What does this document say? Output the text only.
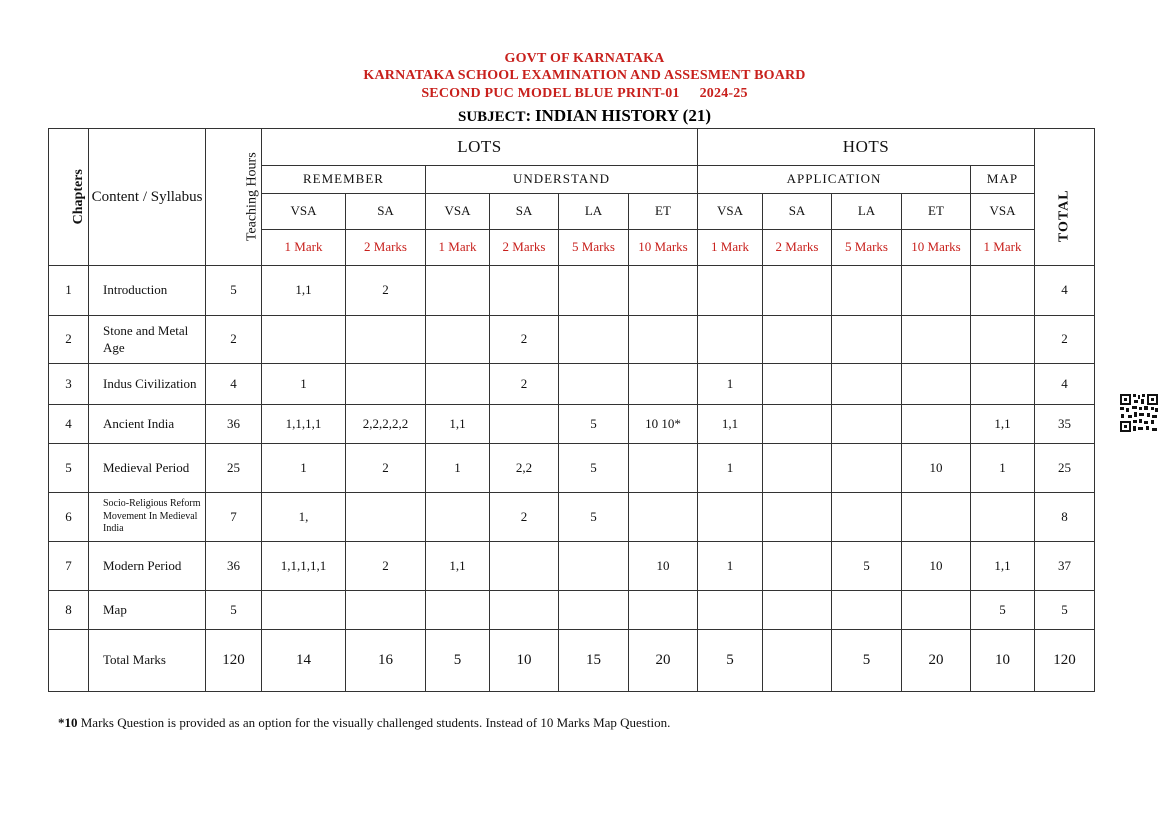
GOVT OF KARNATAKA
KARNATAKA SCHOOL EXAMINATION AND ASSESMENT BOARD
SECOND PUC MODEL BLUE PRINT-01 2024-25
SUBJECT: INDIAN HISTORY (21)
Chapters	Content / Syllabus	Teaching Hours	LOTS						HOTS					
			REMEMBER		UNDERSTAND				APPLICATION				MAP	TOTAL
			VSA	SA	VSA	SA	LA	ET	VSA	SA	LA	ET	VSA	
			1 Mark	2 Marks	1 Mark	2 Marks	5 Marks	10 Marks	1 Mark	2 Marks	5 Marks	10 Marks	1 Mark	
1	Introduction	5	1,1	2										4
2	Stone and Metal Age	2				2								2
3	Indus Civilization	4	1			2			1					4
4	Ancient India	36	1,1,1,1	2,2,2,2,2	1,1		5	10 10*	1,1				1,1	35
5	Medieval Period	25	1	2	1	2,2	5		1			10	1	25
6	Socio-Religious Reform Movement In Medieval India	7	1,			2	5							8
7	Modern Period	36	1,1,1,1,1	2	1,1			10	1		5	10	1,1	37
8	Map	5											5	5
	Total Marks	120	14	16	5	10	15	20	5		5	20	10	120
*10 Marks Question is provided as an option for the visually challenged students. Instead of 10 Marks Map Question.
